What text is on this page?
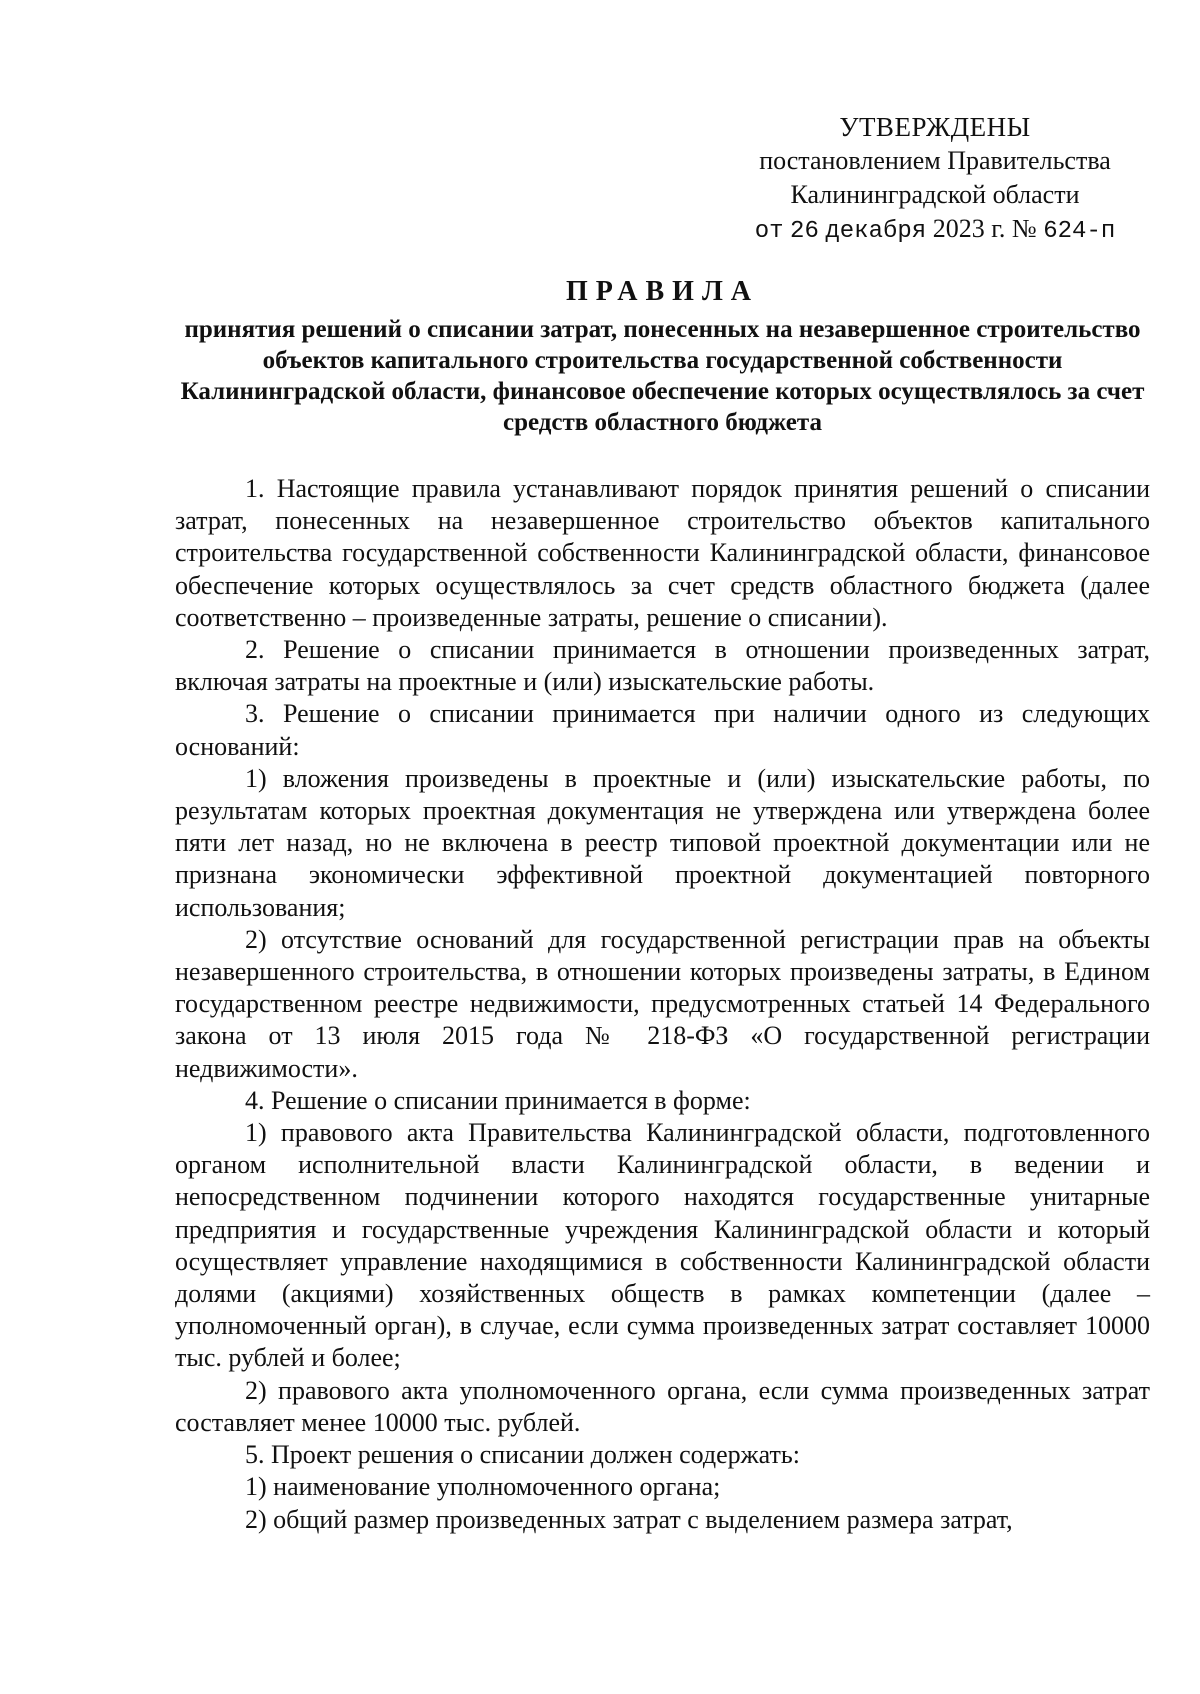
УТВЕРЖДЕНЫ
постановлением Правительства
Калининградской области
от 26 декабря 2023 г. № 624-п
ПРАВИЛА
принятия решений о списании затрат, понесенных на незавершенное строительство объектов капитального строительства государственной собственности Калининградской области, финансовое обеспечение которых осуществлялось за счет средств областного бюджета

1. Настоящие правила устанавливают порядок принятия решений о списании затрат, понесенных на незавершенное строительство объектов капитального строительства государственной собственности Калининградской области, финансовое обеспечение которых осуществлялось за счет средств областного бюджета (далее соответственно – произведенные затраты, решение о списании).

2. Решение о списании принимается в отношении произведенных затрат, включая затраты на проектные и (или) изыскательские работы.

3. Решение о списании принимается при наличии одного из следующих оснований:

1) вложения произведены в проектные и (или) изыскательские работы, по результатам которых проектная документация не утверждена или утверждена более пяти лет назад, но не включена в реестр типовой проектной документации или не признана экономически эффективной проектной документацией повторного использования;

2) отсутствие оснований для государственной регистрации прав на объекты незавершенного строительства, в отношении которых произведены затраты, в Едином государственном реестре недвижимости, предусмотренных статьей 14 Федерального закона от 13 июля 2015 года № 218-ФЗ «О государственной регистрации недвижимости».

4. Решение о списании принимается в форме:

1) правового акта Правительства Калининградской области, подготовленного органом исполнительной власти Калининградской области, в ведении и непосредственном подчинении которого находятся государственные унитарные предприятия и государственные учреждения Калининградской области и который осуществляет управление находящимися в собственности Калининградской области долями (акциями) хозяйственных обществ в рамках компетенции (далее – уполномоченный орган), в случае, если сумма произведенных затрат составляет 10000 тыс. рублей и более;

2) правового акта уполномоченного органа, если сумма произведенных затрат составляет менее 10000 тыс. рублей.

5. Проект решения о списании должен содержать:

1) наименование уполномоченного органа;

2) общий размер произведенных затрат с выделением размера затрат,
